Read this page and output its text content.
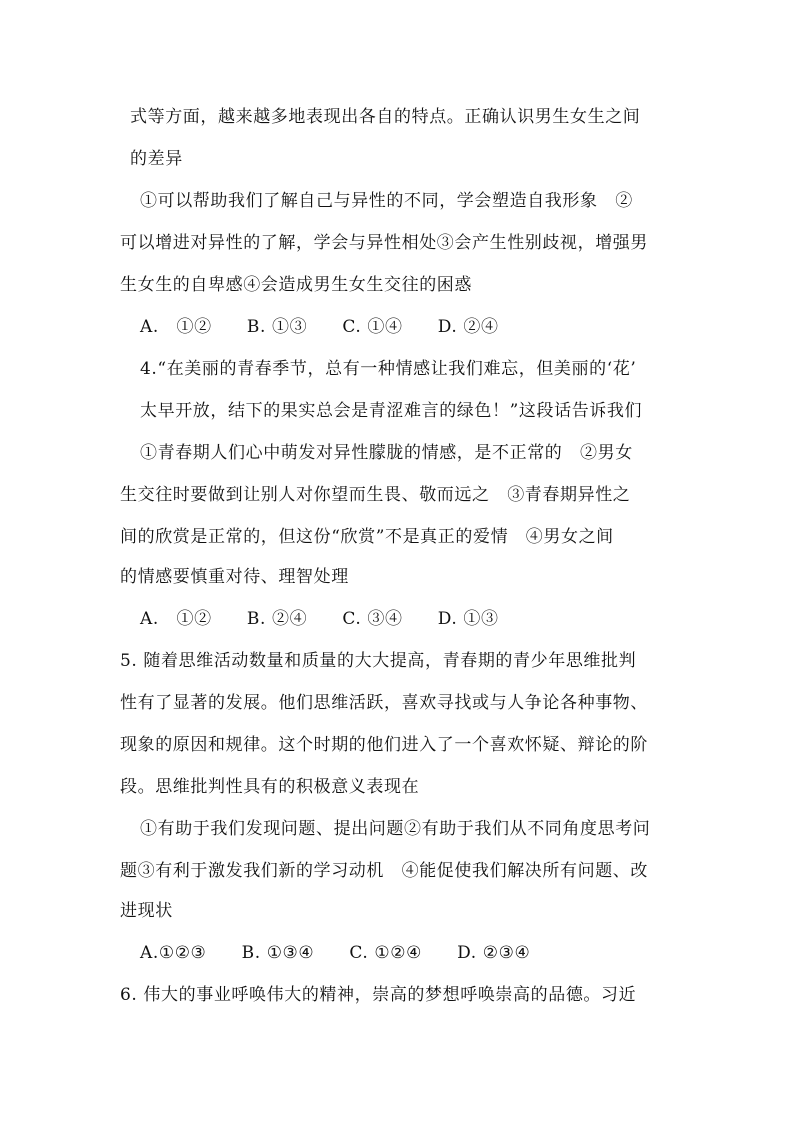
式等方面，越来越多地表现出各自的特点。正确认识男生女生之间
的差异
①可以帮助我们了解自己与异性的不同，学会塑造自我形象　②
可以增进对异性的了解，学会与异性相处③会产生性别歧视，增强男
生女生的自卑感④会造成男生女生交往的困惑
A.　①②　　B. ①③　　C. ①④　　D. ②④
4.“在美丽的青春季节，总有一种情感让我们难忘，但美丽的‘花’
太早开放，结下的果实总会是青涩难言的绿色！”这段话告诉我们
①青春期人们心中萌发对异性朦胧的情感，是不正常的　②男女
生交往时要做到让别人对你望而生畏、敬而远之　③青春期异性之
间的欣赏是正常的，但这份“欣赏”不是真正的爱情　④男女之间
的情感要慎重对待、理智处理
A.　①②　　B. ②④　　C. ③④　　D. ①③
5. 随着思维活动数量和质量的大大提高，青春期的青少年思维批判
性有了显著的发展。他们思维活跃，喜欢寻找或与人争论各种事物、
现象的原因和规律。这个时期的他们进入了一个喜欢怀疑、辩论的阶
段。思维批判性具有的积极意义表现在
①有助于我们发现问题、提出问题②有助于我们从不同角度思考问
题③有利于激发我们新的学习动机　④能促使我们解决所有问题、改
进现状
A.①②③　　B. ①③④　　C. ①②④　　D. ②③④
6. 伟大的事业呼唤伟大的精神，崇高的梦想呼唤崇高的品德。习近
